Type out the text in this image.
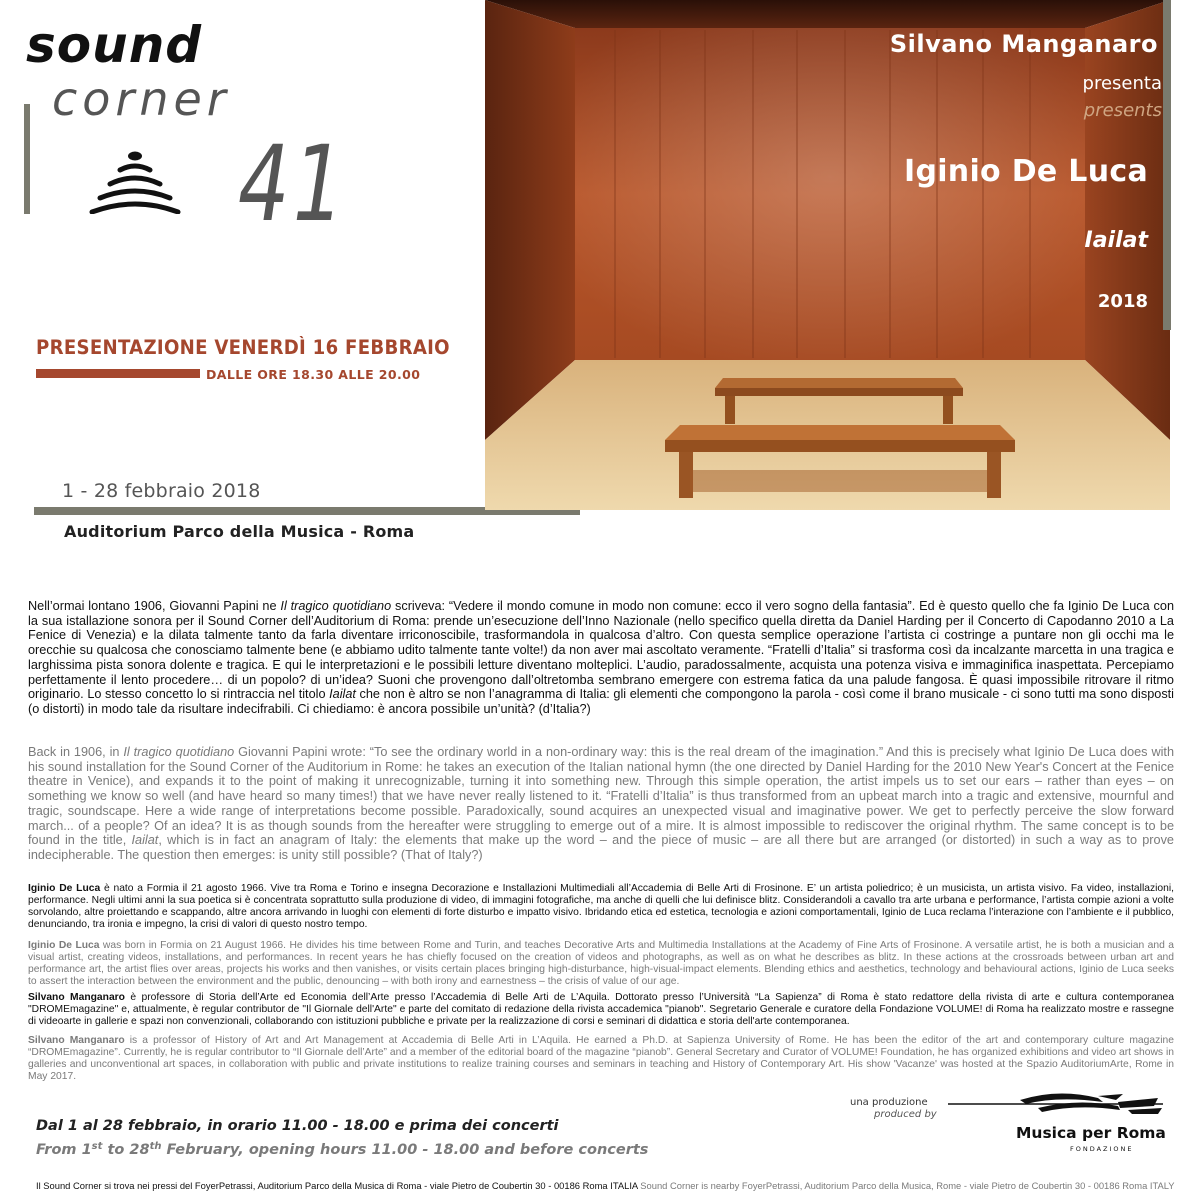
sound
corner
41
PRESENTAZIONE VENERDÌ 16 FEBBRAIO
DALLE ORE 18.30 ALLE 20.00
1 - 28 febbraio 2018
Auditorium Parco della Musica - Roma
Silvano Manganaro
presenta
presents
Iginio De Luca
Iailat
2018

Nell’ormai lontano 1906, Giovanni Papini ne Il tragico quotidiano scriveva: “Vedere il mondo comune in modo non comune: ecco il vero sogno della fantasia”. Ed è questo quello che fa Iginio De Luca con la sua istallazione sonora per il Sound Corner dell’Auditorium di Roma: prende un’esecuzione dell’Inno Nazionale (nello specifico quella diretta da Daniel Harding per il Concerto di Capodanno 2010 a La Fenice di Venezia) e la dilata talmente tanto da farla diventare irriconoscibile, trasformandola in qualcosa d’altro. Con questa semplice operazione l’artista ci costringe a puntare non gli occhi ma le orecchie su qualcosa che conosciamo talmente bene (e abbiamo udito talmente tante volte!) da non aver mai ascoltato veramente. “Fratelli d’Italia” si trasforma così da incalzante marcetta in una tragica e larghissima pista sonora dolente e tragica. E qui le interpretazioni e le possibili letture diventano molteplici. L’audio, paradossalmente, acquista una potenza visiva e immaginifica inaspettata. Percepiamo perfettamente il lento procedere… di un popolo? di un’idea? Suoni che provengono dall’oltretomba sembrano emergere con estrema fatica da una palude fangosa. È quasi impossibile ritrovare il ritmo originario. Lo stesso concetto lo si rintraccia nel titolo Iailat che non è altro se non l’anagramma di Italia: gli elementi che compongono la parola - così come il brano musicale - ci sono tutti ma sono disposti (o distorti) in modo tale da risultare indecifrabili. Ci chiediamo: è ancora possibile un’unità? (d’Italia?)

Back in 1906, in Il tragico quotidiano Giovanni Papini wrote: “To see the ordinary world in a non-ordinary way: this is the real dream of the imagination.” And this is precisely what Iginio De Luca does with his sound installation for the Sound Corner of the Auditorium in Rome: he takes an execution of the Italian national hymn (the one directed by Daniel Harding for the 2010 New Year's Concert at the Fenice theatre in Venice), and expands it to the point of making it unrecognizable, turning it into something new. Through this simple operation, the artist impels us to set our ears – rather than eyes – on something we know so well (and have heard so many times!) that we have never really listened to it. “Fratelli d’Italia” is thus transformed from an upbeat march into a tragic and extensive, mournful and tragic, soundscape. Here a wide range of interpretations become possible. Paradoxically, sound acquires an unexpected visual and imaginative power. We get to perfectly perceive the slow forward march... of a people? Of an idea? It is as though sounds from the hereafter were struggling to emerge out of a mire. It is almost impossible to rediscover the original rhythm. The same concept is to be found in the title, Iailat, which is in fact an anagram of Italy: the elements that make up the word – and the piece of music – are all there but are arranged (or distorted) in such a way as to prove indecipherable. The question then emerges: is unity still possible? (That of Italy?)

Iginio De Luca è nato a Formia il 21 agosto 1966. Vive tra Roma e Torino e insegna Decorazione e Installazioni Multimediali all’Accademia di Belle Arti di Frosinone. E’ un artista poliedrico; è un musicista, un artista visivo. Fa video, installazioni, performance. Negli ultimi anni la sua poetica si è concentrata soprattutto sulla produzione di video, di immagini fotografiche, ma anche di quelli che lui definisce blitz. Considerandoli a cavallo tra arte urbana e performance, l’artista compie azioni a volte sorvolando, altre proiettando e scappando, altre ancora arrivando in luoghi con elementi di forte disturbo e impatto visivo. Ibridando etica ed estetica, tecnologia e azioni comportamentali, Iginio de Luca reclama l’interazione con l’ambiente e il pubblico, denunciando, tra ironia e impegno, la crisi di valori di questo nostro tempo.

Iginio De Luca was born in Formia on 21 August 1966. He divides his time between Rome and Turin, and teaches Decorative Arts and Multimedia Installations at the Academy of Fine Arts of Frosinone. A versatile artist, he is both a musician and a visual artist, creating videos, installations, and performances. In recent years he has chiefly focused on the creation of videos and photographs, as well as on what he describes as blitz. In these actions at the crossroads between urban art and performance art, the artist flies over areas, projects his works and then vanishes, or visits certain places bringing high-disturbance, high-visual-impact elements. Blending ethics and aesthetics, technology and behavioural actions, Iginio de Luca seeks to assert the interaction between the environment and the public, denouncing – with both irony and earnestness – the crisis of value of our age.

Silvano Manganaro è professore di Storia dell’Arte ed Economia dell’Arte presso l’Accademia di Belle Arti de L’Aquila. Dottorato presso l’Università “La Sapienza” di Roma è stato redattore della rivista di arte e cultura contemporanea "DROMEmagazine" e, attualmente, è regular contributor de "Il Giornale dell'Arte" e parte del comitato di redazione della rivista accademica "pianob". Segretario Generale e curatore della Fondazione VOLUME! di Roma ha realizzato mostre e rassegne di videoarte in gallerie e spazi non convenzionali, collaborando con istituzioni pubbliche e private per la realizzazione di corsi e seminari di didattica e storia dell'arte contemporanea.

Silvano Manganaro is a professor of History of Art and Art Management at Accademia di Belle Arti in L’Aquila. He earned a Ph.D. at Sapienza University of Rome. He has been the editor of the art and contemporary culture magazine “DROMEmagazine”. Currently, he is regular contributor to “Il Giornale dell’Arte” and a member of the editorial board of the magazine “pianob”. General Secretary and Curator of VOLUME! Foundation, he has organized exhibitions and video art shows in galleries and unconventional art spaces, in collaboration with public and private institutions to realize training courses and seminars in teaching and History of Contemporary Art. His show 'Vacanze' was hosted at the Spazio AuditoriumArte, Rome in May 2017.

Dal 1 al 28 febbraio, in orario 11.00 - 18.00 e prima dei concerti
From 1st to 28th February, opening hours 11.00 - 18.00 and before concerts
una produzione
produced by
Musica per Roma
FONDAZIONE
Il Sound Corner si trova nei pressi del FoyerPetrassi, Auditorium Parco della Musica di Roma - viale Pietro de Coubertin 30 - 00186 Roma ITALIA Sound Corner is nearby FoyerPetrassi, Auditorium Parco della Musica, Rome - viale Pietro de Coubertin 30 - 00186 Roma ITALY
